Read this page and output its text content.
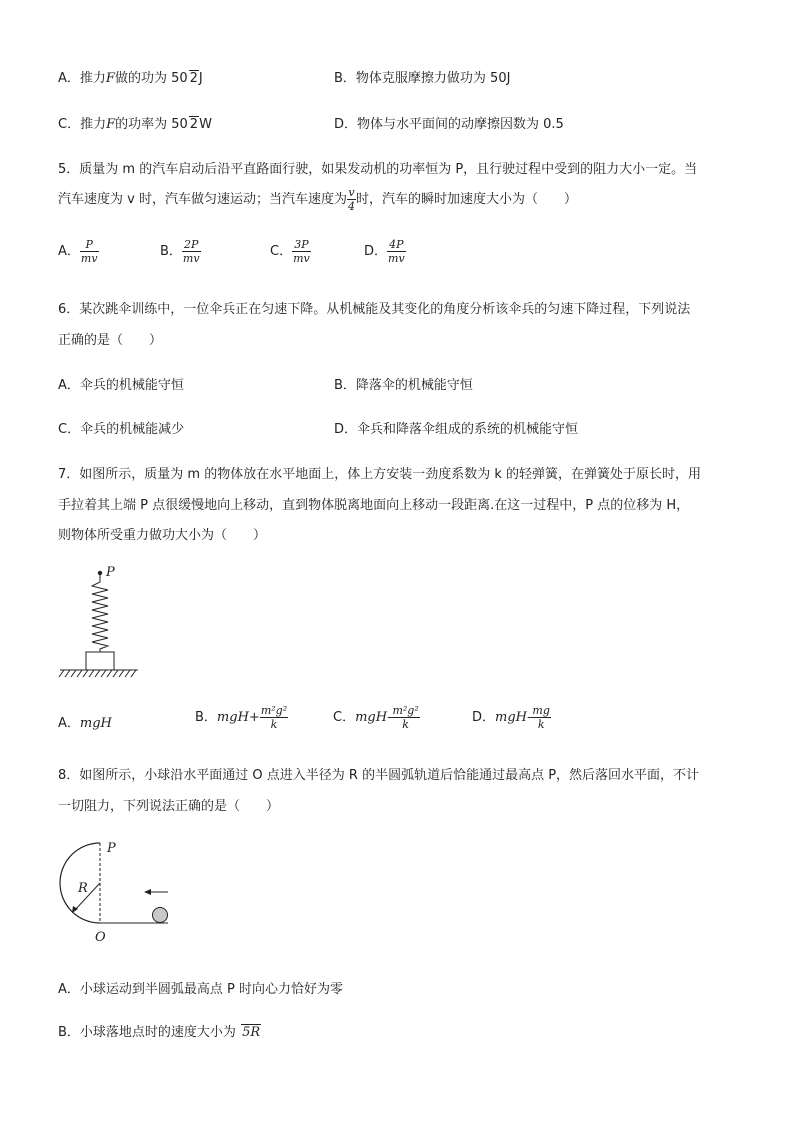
A．推力F做的功为 50 2J	B．物体克服摩擦力做功为 50J
C．推力F的功率为 50 2W	D．物体与水平面间的动摩擦因数为 0.5
5．质量为 m 的汽车启动后沿平直路面行驶，如果发动机的功率恒为 P，且行驶过程中受到的阻力大小一定。当
汽车速度为 v 时，汽车做匀速运动；当汽车速度为 $\frac{v}{4}$ 时，汽车的瞬时加速度大小为（　　）
A． $\frac{P}{mv}$	B． $\frac{2P}{mv}$	C． $\frac{3P}{mv}$	D． $\frac{4P}{mv}$
6．某次跳伞训练中，一位伞兵正在匀速下降。从机械能及其变化的角度分析该伞兵的匀速下降过程，下列说法
正确的是（　　）
A．伞兵的机械能守恒	B．降落伞的机械能守恒
C．伞兵的机械能减少	D．伞兵和降落伞组成的系统的机械能守恒
7．如图所示，质量为 m 的物体放在水平地面上，体上方安装一劲度系数为 k 的轻弹簧，在弹簧处于原长时，用
手拉着其上端 P 点很缓慢地向上移动，直到物体脱离地面向上移动一段距离.在这一过程中，P 点的位移为 H，
则物体所受重力做功大小为（　　）
P
A．mgH	B．$mgH+ \frac{\text{m²g²}}{k}$	C．$mgH- \frac{\text{m²g²}}{k}$	D．$mgH- \frac{mg}{k}$
8．如图所示，小球沿水平面通过 O 点进入半径为 R 的半圆弧轨道后恰能通过最高点 P，然后落回水平面，不计
一切阻力，下列说法正确的是（　　）
P
R
O
A．小球运动到半圆弧最高点 P 时向心力恰好为零
B．小球落地点时的速度大小为 5R
